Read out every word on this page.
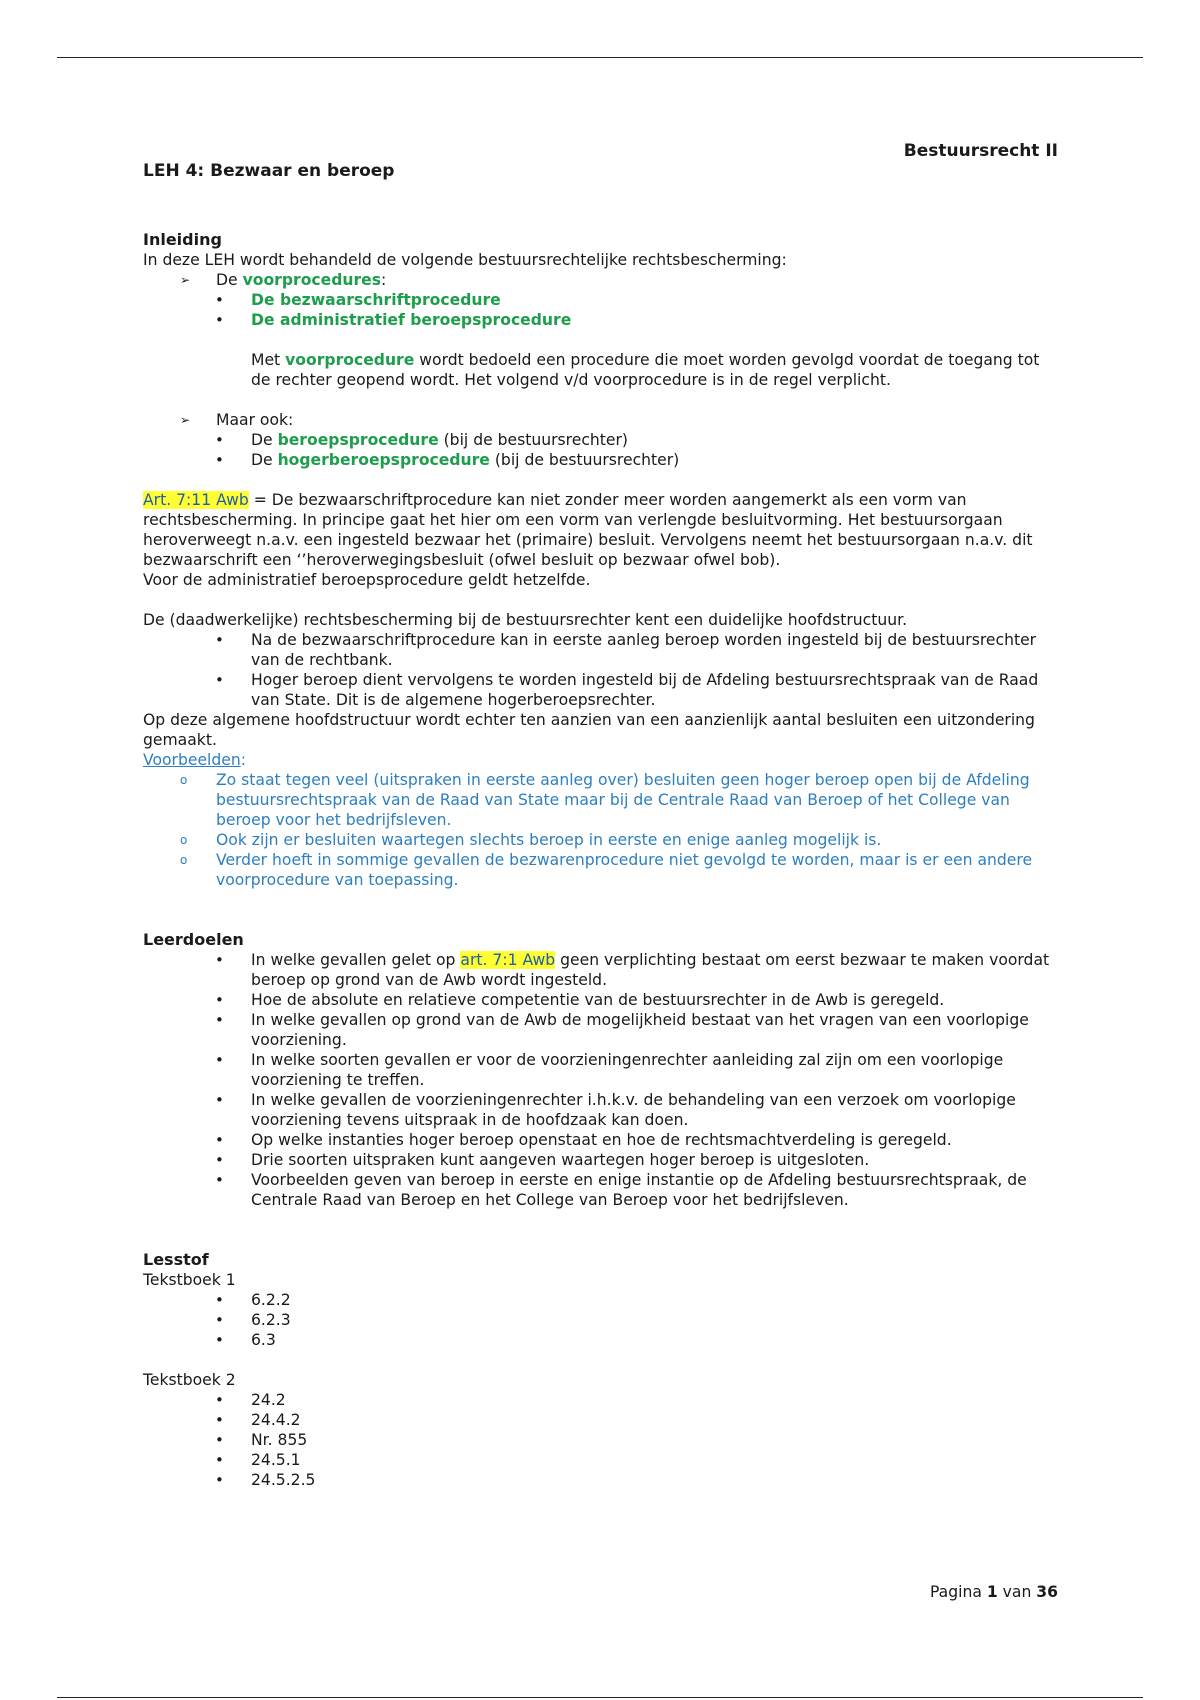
Bestuursrecht II
LEH 4: Bezwaar en beroep
Inleiding

In deze LEH wordt behandeld de volgende bestuursrechtelijke rechtsbescherming:

➢ De voorprocedures:
• De bezwaarschriftprocedure
• De administratief beroepsprocedure

Met voorprocedure wordt bedoeld een procedure die moet worden gevolgd voordat de toegang tot de rechter geopend wordt. Het volgend v/d voorprocedure is in de regel verplicht.

➢ Maar ook:
• De beroepsprocedure (bij de bestuursrechter)
• De hogerberoepsprocedure (bij de bestuursrechter)

Art. 7:11 Awb = De bezwaarschriftprocedure kan niet zonder meer worden aangemerkt als een vorm van rechtsbescherming. In principe gaat het hier om een vorm van verlengde besluitvorming. Het bestuursorgaan heroverweegt n.a.v. een ingesteld bezwaar het (primaire) besluit. Vervolgens neemt het bestuursorgaan n.a.v. dit bezwaarschrift een ‘’heroverwegingsbesluit (ofwel besluit op bezwaar ofwel bob).

Voor de administratief beroepsprocedure geldt hetzelfde.

De (daadwerkelijke) rechtsbescherming bij de bestuursrechter kent een duidelijke hoofdstructuur.

• Na de bezwaarschriftprocedure kan in eerste aanleg beroep worden ingesteld bij de bestuursrechter van de rechtbank.
• Hoger beroep dient vervolgens te worden ingesteld bij de Afdeling bestuursrechtspraak van de Raad van State. Dit is de algemene hogerberoepsrechter.

Op deze algemene hoofdstructuur wordt echter ten aanzien van een aanzienlijk aantal besluiten een uitzondering gemaakt.

Voorbeelden:

o Zo staat tegen veel (uitspraken in eerste aanleg over) besluiten geen hoger beroep open bij de Afdeling bestuursrechtspraak van de Raad van State maar bij de Centrale Raad van Beroep of het College van beroep voor het bedrijfsleven.
o Ook zijn er besluiten waartegen slechts beroep in eerste en enige aanleg mogelijk is.
o Verder hoeft in sommige gevallen de bezwarenprocedure niet gevolgd te worden, maar is er een andere voorprocedure van toepassing.
Leerdoelen
• In welke gevallen gelet op art. 7:1 Awb geen verplichting bestaat om eerst bezwaar te maken voordat beroep op grond van de Awb wordt ingesteld.
• Hoe de absolute en relatieve competentie van de bestuursrechter in de Awb is geregeld.
• In welke gevallen op grond van de Awb de mogelijkheid bestaat van het vragen van een voorlopige voorziening.
• In welke soorten gevallen er voor de voorzieningenrechter aanleiding zal zijn om een voorlopige voorziening te treffen.
• In welke gevallen de voorzieningenrechter i.h.k.v. de behandeling van een verzoek om voorlopige voorziening tevens uitspraak in de hoofdzaak kan doen.
• Op welke instanties hoger beroep openstaat en hoe de rechtsmachtverdeling is geregeld.
• Drie soorten uitspraken kunt aangeven waartegen hoger beroep is uitgesloten.
• Voorbeelden geven van beroep in eerste en enige instantie op de Afdeling bestuursrechtspraak, de Centrale Raad van Beroep en het College van Beroep voor het bedrijfsleven.
Lesstof

Tekstboek 1

• 6.2.2
• 6.2.3
• 6.3

Tekstboek 2

• 24.2
• 24.4.2
• Nr. 855
• 24.5.1
• 24.5.2.5
Pagina 1 van 36
